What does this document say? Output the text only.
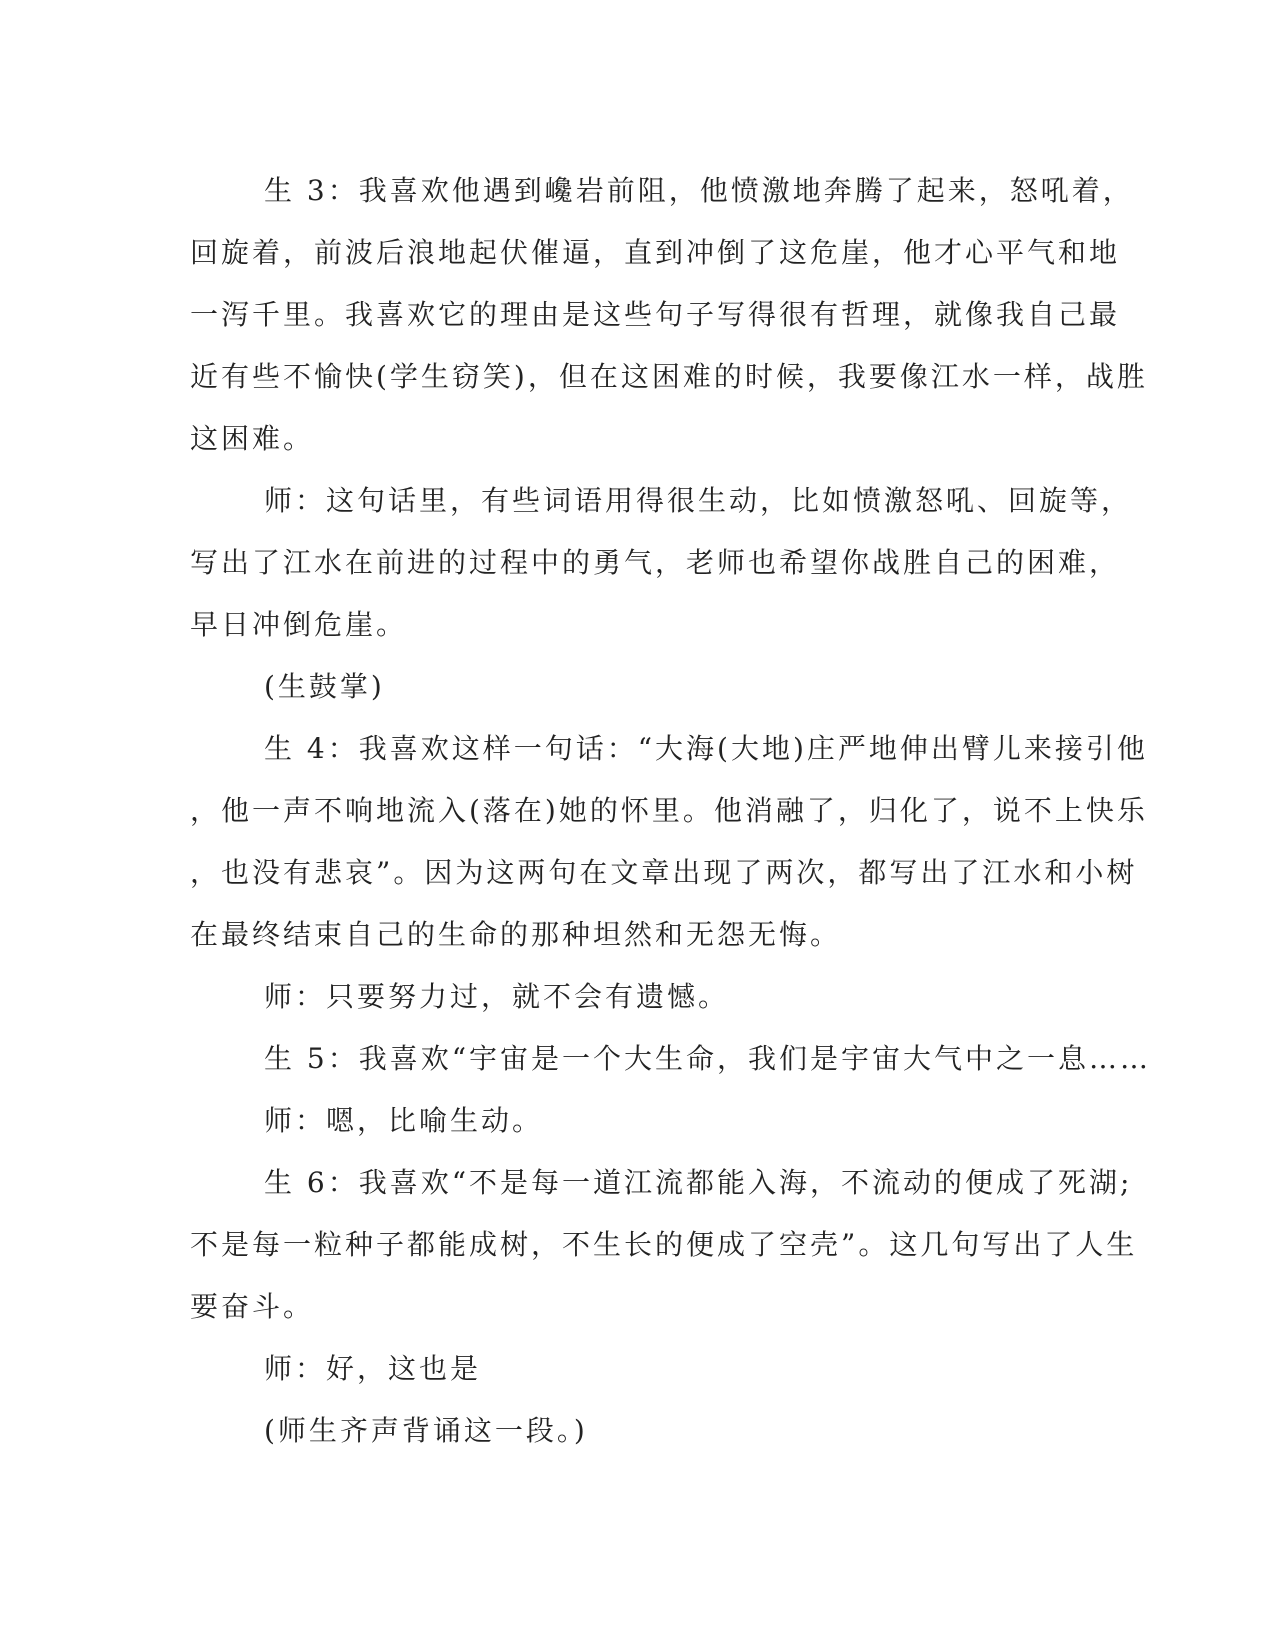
生 3：我喜欢他遇到巉岩前阻，他愤激地奔腾了起来，怒吼着，
回旋着，前波后浪地起伏催逼，直到冲倒了这危崖，他才心平气和地
一泻千里。我喜欢它的理由是这些句子写得很有哲理，就像我自己最
近有些不愉快(学生窃笑)，但在这困难的时候，我要像江水一样，战胜
这困难。
师：这句话里，有些词语用得很生动，比如愤激怒吼、回旋等，
写出了江水在前进的过程中的勇气，老师也希望你战胜自己的困难，
早日冲倒危崖。
(生鼓掌)
生 4：我喜欢这样一句话：“大海(大地)庄严地伸出臂儿来接引他
，他一声不响地流入(落在)她的怀里。他消融了，归化了，说不上快乐
，也没有悲哀”。因为这两句在文章出现了两次，都写出了江水和小树
在最终结束自己的生命的那种坦然和无怨无悔。
师：只要努力过，就不会有遗憾。
生 5：我喜欢“宇宙是一个大生命，我们是宇宙大气中之一息……
师：嗯，比喻生动。
生 6：我喜欢“不是每一道江流都能入海，不流动的便成了死湖;
不是每一粒种子都能成树，不生长的便成了空壳”。这几句写出了人生
要奋斗。
师：好，这也是
(师生齐声背诵这一段。)
